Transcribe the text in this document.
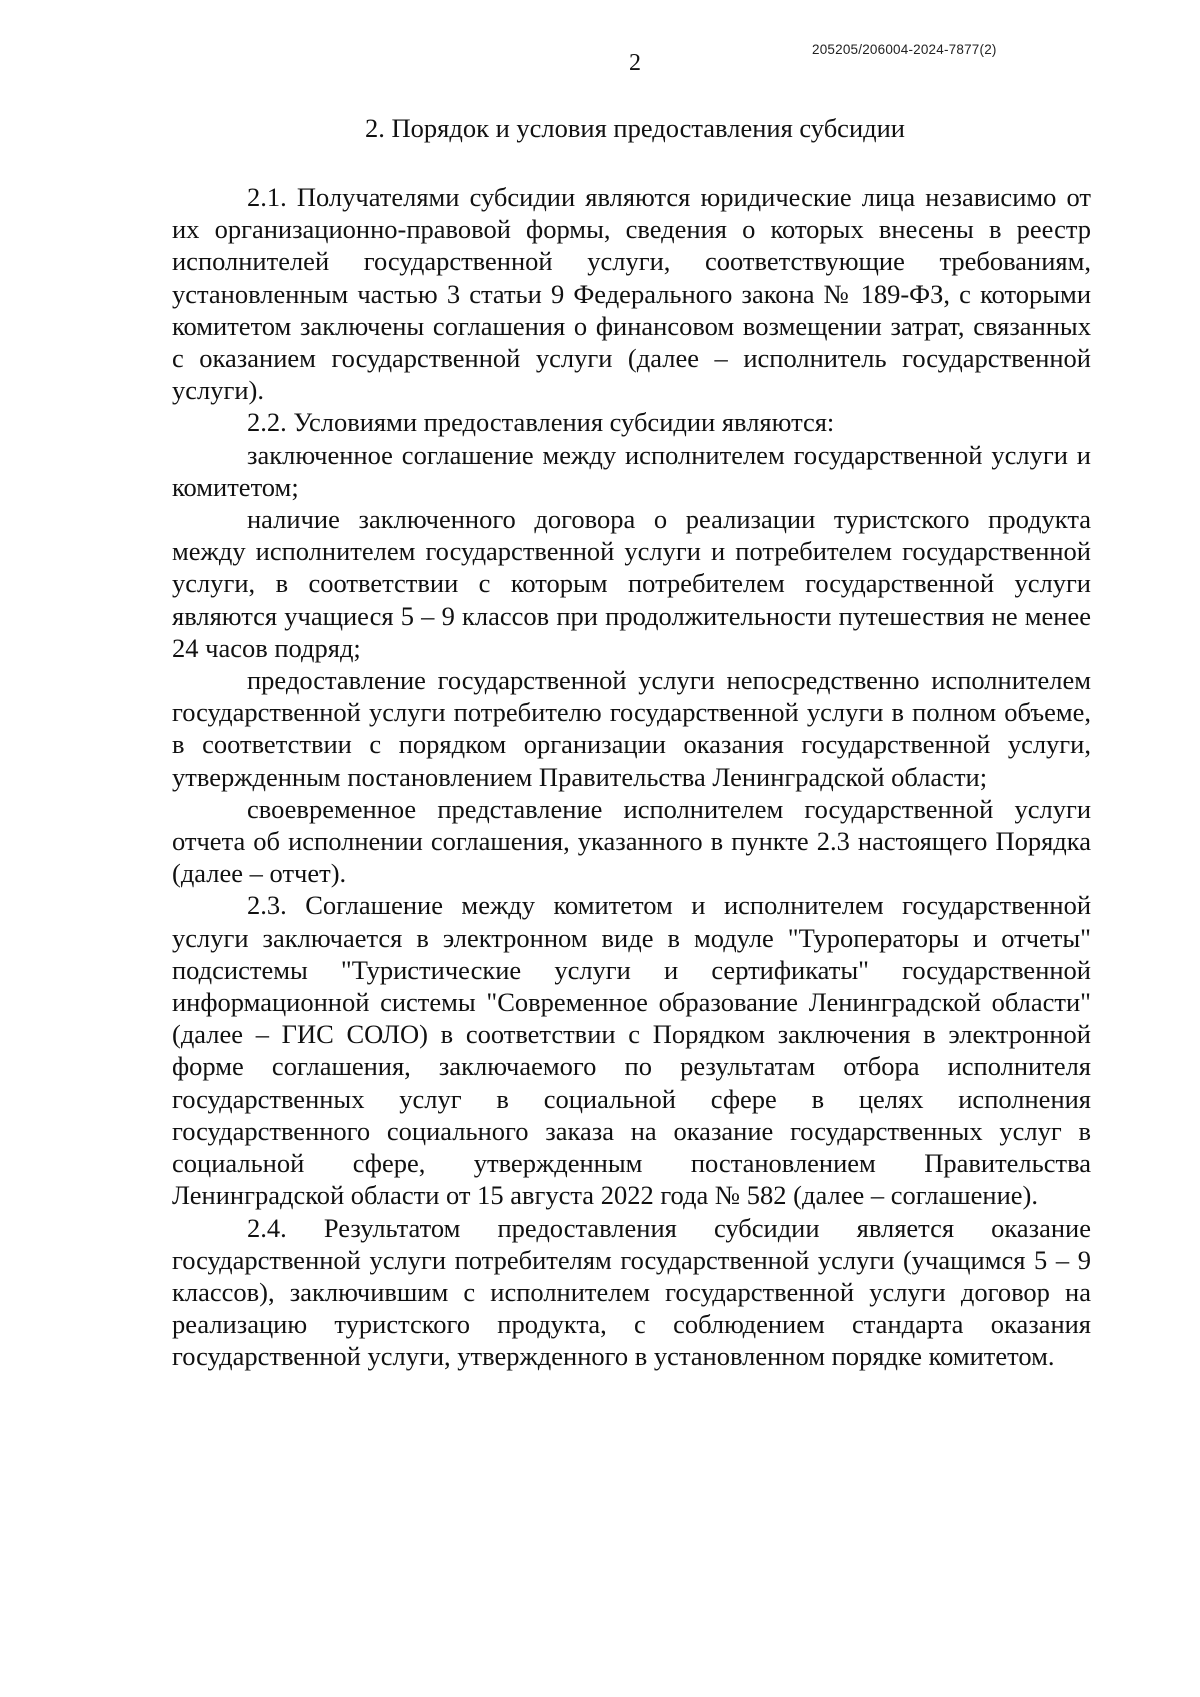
205205/206004-2024-7877(2)
2
2. Порядок и условия предоставления субсидии

2.1. Получателями субсидии являются юридические лица независимо от их организационно-правовой формы, сведения о которых внесены в реестр исполнителей государственной услуги, соответствующие требованиям, установленным частью 3 статьи 9 Федерального закона № 189-ФЗ, с которыми комитетом заключены соглашения о финансовом возмещении затрат, связанных с оказанием государственной услуги (далее – исполнитель государственной услуги).

2.2. Условиями предоставления субсидии являются:

заключенное соглашение между исполнителем государственной услуги и комитетом;

наличие заключенного договора о реализации туристского продукта между исполнителем государственной услуги и потребителем государственной услуги, в соответствии с которым потребителем государственной услуги являются учащиеся 5 – 9 классов при продолжительности путешествия не менее 24 часов подряд;

предоставление государственной услуги непосредственно исполнителем государственной услуги потребителю государственной услуги в полном объеме, в соответствии с порядком организации оказания государственной услуги, утвержденным постановлением Правительства Ленинградской области;

своевременное представление исполнителем государственной услуги отчета об исполнении соглашения, указанного в пункте 2.3 настоящего Порядка (далее – отчет).

2.3. Соглашение между комитетом и исполнителем государственной услуги заключается в электронном виде в модуле "Туроператоры и отчеты" подсистемы "Туристические услуги и сертификаты" государственной информационной системы "Современное образование Ленинградской области" (далее – ГИС СОЛО) в соответствии с Порядком заключения в электронной форме соглашения, заключаемого по результатам отбора исполнителя государственных услуг в социальной сфере в целях исполнения государственного социального заказа на оказание государственных услуг в социальной сфере, утвержденным постановлением Правительства Ленинградской области от 15 августа 2022 года № 582 (далее – соглашение).

2.4. Результатом предоставления субсидии является оказание государственной услуги потребителям государственной услуги (учащимся 5 – 9 классов), заключившим с исполнителем государственной услуги договор на реализацию туристского продукта, с соблюдением стандарта оказания государственной услуги, утвержденного в установленном порядке комитетом.
